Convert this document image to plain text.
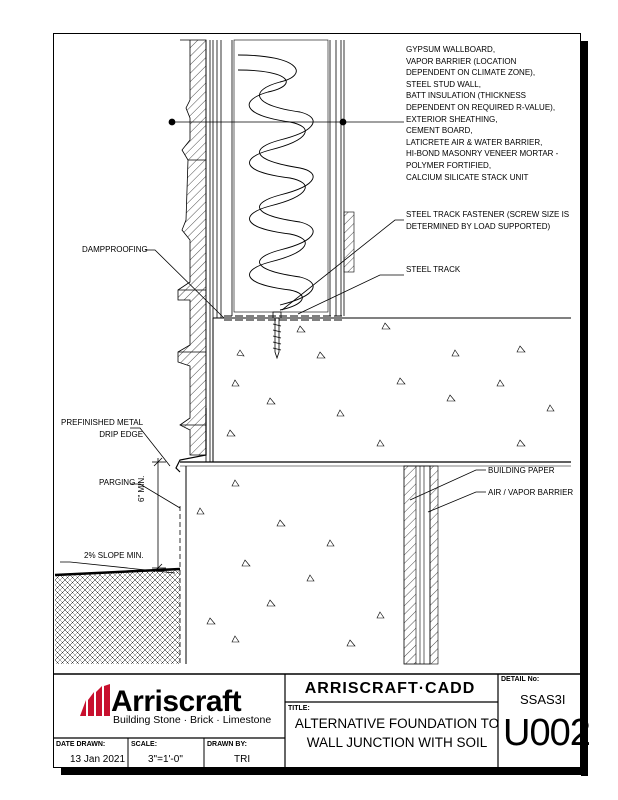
GYPSUM WALLBOARD,
VAPOR BARRIER (LOCATION
DEPENDENT ON CLIMATE ZONE),
STEEL STUD WALL,
BATT INSULATION (THICKNESS
DEPENDENT ON REQUIRED R-VALUE),
EXTERIOR SHEATHING,
CEMENT BOARD,
LATICRETE AIR & WATER BARRIER,
HI-BOND MASONRY VENEER MORTAR -
POLYMER FORTIFIED,
CALCIUM SILICATE STACK UNIT
STEEL TRACK FASTENER (SCREW SIZE IS
DETERMINED BY LOAD SUPPORTED)
STEEL TRACK
DAMPPROOFING
PREFINISHED METAL
DRIP EDGE
PARGING 6" MIN.
2% SLOPE MIN.
BUILDING PAPER
AIR / VAPOR BARRIER
Arriscraft
Building Stone · Brick · Limestone
ARRISCRAFT·CADD
TITLE:
ALTERNATIVE FOUNDATION TO
WALL JUNCTION WITH SOIL
DETAIL No:
SSAS3I
U002
DATE DRAWN:
13 Jan 2021
SCALE:
3"=1'-0"
DRAWN BY:
TRI
